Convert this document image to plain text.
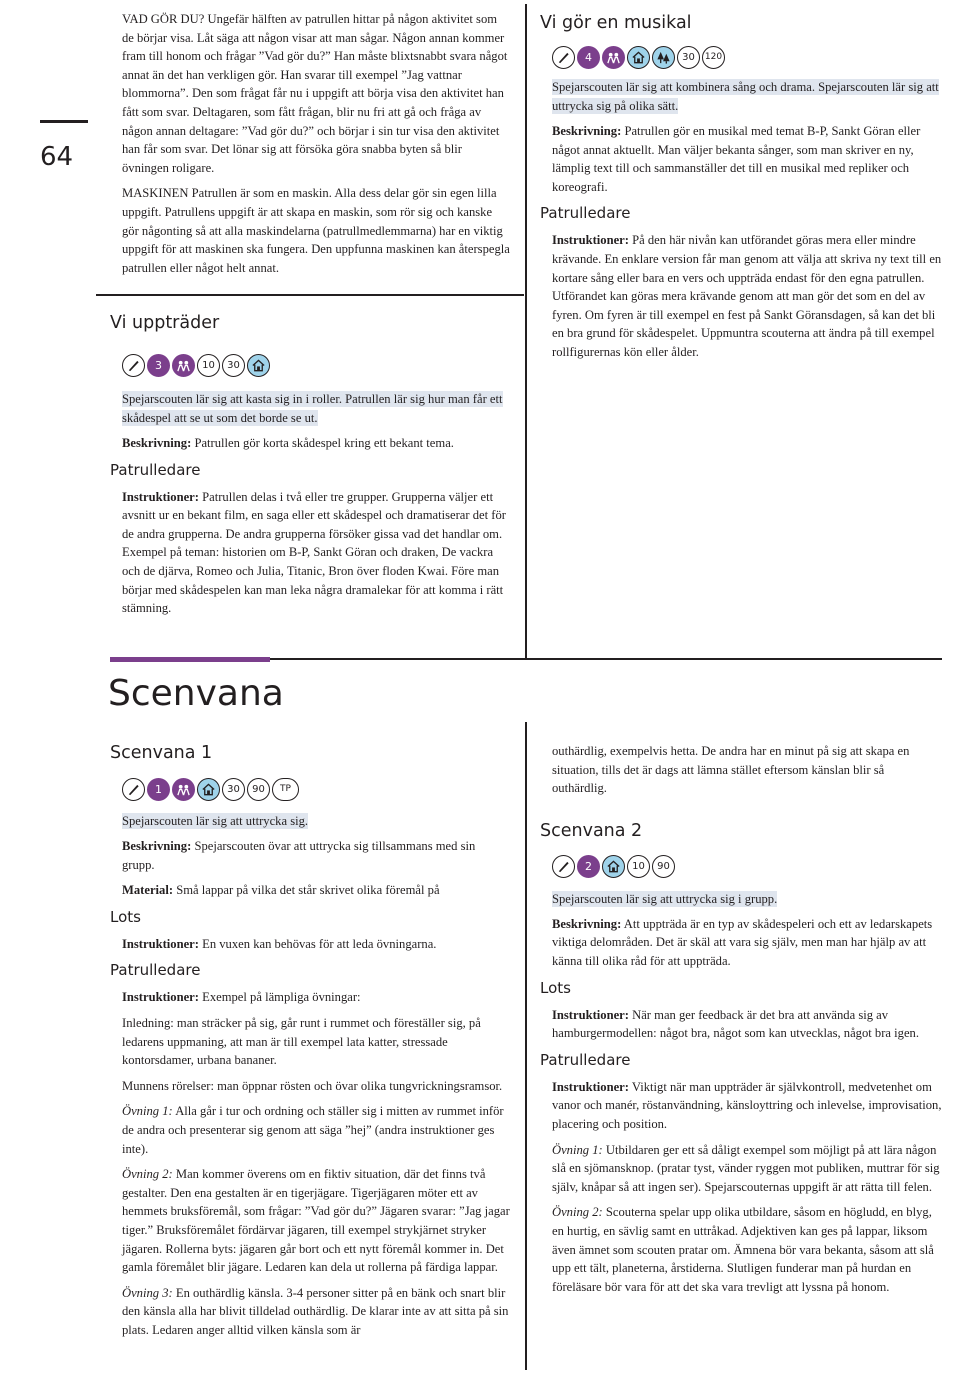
64

VAD GÖR DU? Ungefär hälften av patrullen hittar på någon aktivitet som de börjar visa. Låt säga att någon visar att man sågar. Någon annan kommer fram till honom och frågar ”Vad gör du?” Han måste blixtsnabbt svara något annat än det han verkligen gör. Han svarar till exempel ”Jag vattnar blommorna”. Den som frågat får nu i uppgift att börja visa den aktivitet han fått som svar. Deltagaren, som fått frågan, blir nu fri att gå och fråga av någon annan deltagare: ”Vad gör du?” och börjar i sin tur visa den aktivitet han får som svar. Det lönar sig att försöka göra snabba byten så blir övningen roligare.

MASKINEN Patrullen är som en maskin. Alla dess delar gör sin egen lilla uppgift. Patrullens uppgift är att skapa en maskin, som rör sig och kanske gör någonting så att alla maskindelarna (patrullmedlemmarna) har en viktig uppgift för att maskinen ska fungera. Den uppfunna maskinen kan återspegla patrullen eller något helt annat.

Vi uppträder
3	10	30
Spejarscouten lär sig att kasta sig in i roller. Patrullen lär sig hur man får ett skådespel att se ut som det borde se ut.

Beskrivning: Patrullen gör korta skådespel kring ett bekant tema.

Patrulledare

Instruktioner: Patrullen delas i två eller tre grupper. Grupperna väljer ett avsnitt ur en bekant film, en saga eller ett skådespel och dramatiserar det för de andra grupperna. De andra grupperna försöker gissa vad det handlar om. Exempel på teman: historien om B-P, Sankt Göran och draken, De vackra och de djärva, Romeo och Julia, Titanic, Bron över floden Kwai. Före man börjar med skådespelen kan man leka några dramalekar för att komma i rätt stämning.

Vi gör en musikal
4	30	120
Spejarscouten lär sig att kombinera sång och drama. Spejarscouten lär sig att uttrycka sig på olika sätt.

Beskrivning: Patrullen gör en musikal med temat B-P, Sankt Göran eller något annat aktuellt. Man väljer bekanta sånger, som man skriver en ny, lämplig text till och sammanställer det till en musikal med repliker och koreografi.

Patrulledare

Instruktioner: På den här nivån kan utförandet göras mera eller mindre krävande. En enklare version får man genom att välja att skriva ny text till en kortare sång eller bara en vers och uppträda endast för den egna patrullen. Utförandet kan göras mera krävande genom att man gör det som en del av fyren. Om fyren är till exempel en fest på Sankt Göransdagen, så kan det bli en bra grund för skådespelet. Uppmuntra scouterna att ändra på till exempel rollfigurernas kön eller ålder.

Scenvana
Scenvana 1
1	30	90	TP
Spejarscouten lär sig att uttrycka sig.

Beskrivning: Spejarscouten övar att uttrycka sig tillsammans med sin grupp.

Material: Små lappar på vilka det står skrivet olika föremål på

Lots

Instruktioner: En vuxen kan behövas för att leda övningarna.

Patrulledare

Instruktioner: Exempel på lämpliga övningar:

Inledning: man sträcker på sig, går runt i rummet och föreställer sig, på ledarens uppmaning, att man är till exempel lata katter, stressade kontorsdamer, urbana bananer.

Munnens rörelser: man öppnar rösten och övar olika tungvrickningsramsor.

Övning 1: Alla går i tur och ordning och ställer sig i mitten av rummet inför de andra och presenterar sig genom att säga ”hej” (andra instruktioner ges inte).

Övning 2: Man kommer överens om en fiktiv situation, där det finns två gestalter. Den ena gestalten är en tigerjägare. Tigerjägaren möter ett av hemmets bruksföremål, som frågar: ”Vad gör du?” Jägaren svarar: ”Jag jagar tiger.” Bruksföremålet fördärvar jägaren, till exempel strykjärnet stryker jägaren. Rollerna byts: jägaren går bort och ett nytt föremål kommer in. Det gamla föremålet blir jägare. Ledaren kan dela ut rollerna på färdiga lappar.

Övning 3: En outhärdlig känsla. 3-4 personer sitter på en bänk och snart blir den känsla alla har blivit tilldelad outhärdlig. De klarar inte av att sitta på sin plats. Ledaren anger alltid vilken känsla som är

outhärdlig, exempelvis hetta. De andra har en minut på sig att skapa en situation, tills det är dags att lämna stället eftersom känslan blir så outhärdlig.

Scenvana 2
2	10	90
Spejarscouten lär sig att uttrycka sig i grupp.

Beskrivning: Att uppträda är en typ av skådespeleri och ett av ledarskapets viktiga delområden. Det är skäl att vara sig själv, men man har hjälp av att känna till olika råd för att uppträda.

Lots

Instruktioner: När man ger feedback är det bra att använda sig av hamburgermodellen: något bra, något som kan utvecklas, något bra igen.

Patrulledare

Instruktioner: Viktigt när man uppträder är självkontroll, medvetenhet om vanor och manér, röstanvändning, känsloyttring och inlevelse, improvisation, placering och position.

Övning 1: Utbildaren ger ett så dåligt exempel som möjligt på att lära någon slå en sjömansknop. (pratar tyst, vänder ryggen mot publiken, muttrar för sig själv, knåpar så att ingen ser). Spejarscouternas uppgift är att rätta till felen.

Övning 2: Scouterna spelar upp olika utbildare, såsom en högludd, en blyg, en hurtig, en sävlig samt en uttråkad. Adjektiven kan ges på lappar, liksom även ämnet som scouten pratar om. Ämnena bör vara bekanta, såsom att slå upp ett tält, planeterna, årstiderna. Slutligen funderar man på hurdan en föreläsare bör vara för att det ska vara trevligt att lyssna på honom.
